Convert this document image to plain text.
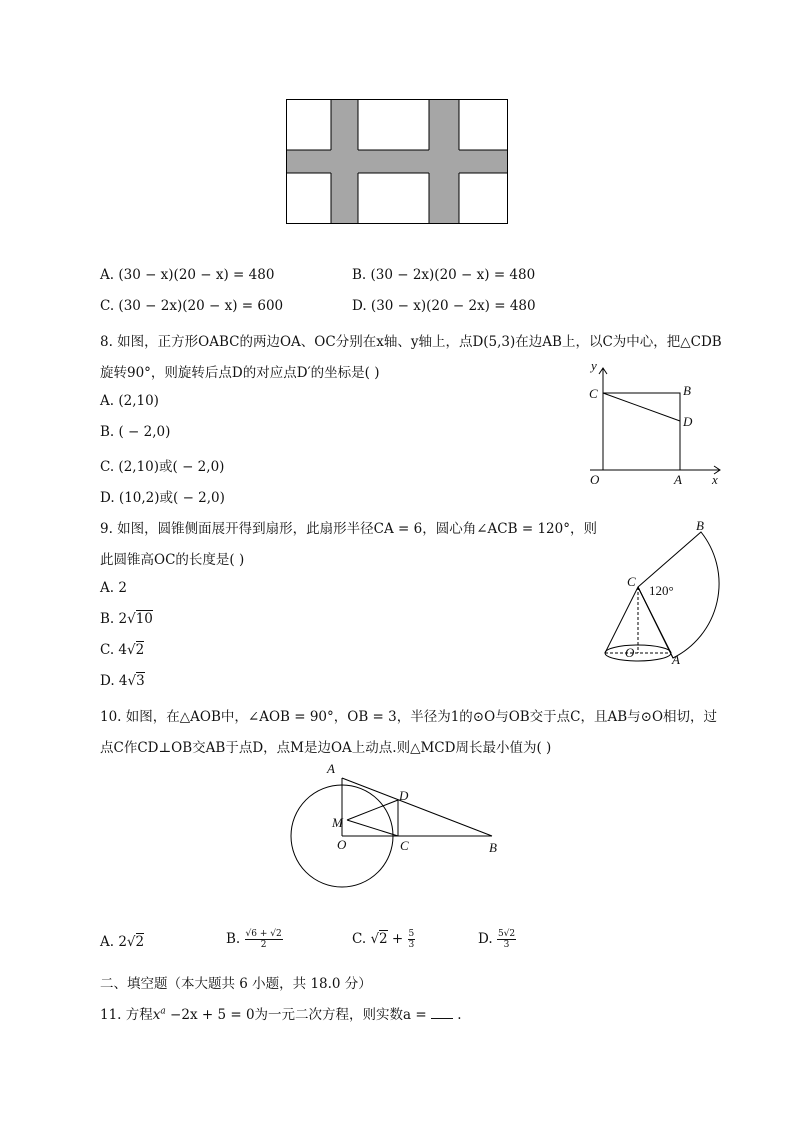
A. (30 − x)(20 − x) = 480	B. (30 − 2x)(20 − x) = 480
C. (30 − 2x)(20 − x) = 600	D. (30 − x)(20 − 2x) = 480
8. 如图，正方形OABC的两边OA、OC分别在x轴、y轴上，点D(5,3)在边AB上，以C为中心，把△CDB
旋转90°，则旋转后点D的对应点D′的坐标是( )
A. (2,10)
B. ( − 2,0)
C. (2,10)或( − 2,0)
D. (10,2)或( − 2,0)
y
C	B
D
O	A x
9. 如图，圆锥侧面展开得到扇形，此扇形半径CA = 6，圆心角∠ACB = 120°，则
此圆锥高OC的长度是( )
A. 2
B. 2√10
C. 4√2
D. 4√3
B
C
120°
O	A
10. 如图，在△AOB中，∠AOB = 90°，OB = 3，半径为1的⊙O与OB交于点C，且AB与⊙O相切，过
点C作CD⊥OB交AB于点D，点M是边OA上动点.则△MCD周长最小值为( )
A
D
M
O	C	B
A. 2√2	B. $\frac{√6 + √2}{2}$	C. $√2 + \frac{5}{3}$	D. $\frac{5√2}{3}$
二、填空题（本大题共 6 小题，共 18.0 分）
11. 方程$x^a -2x + 5 = 0$为一元二次方程，则实数a =  .
